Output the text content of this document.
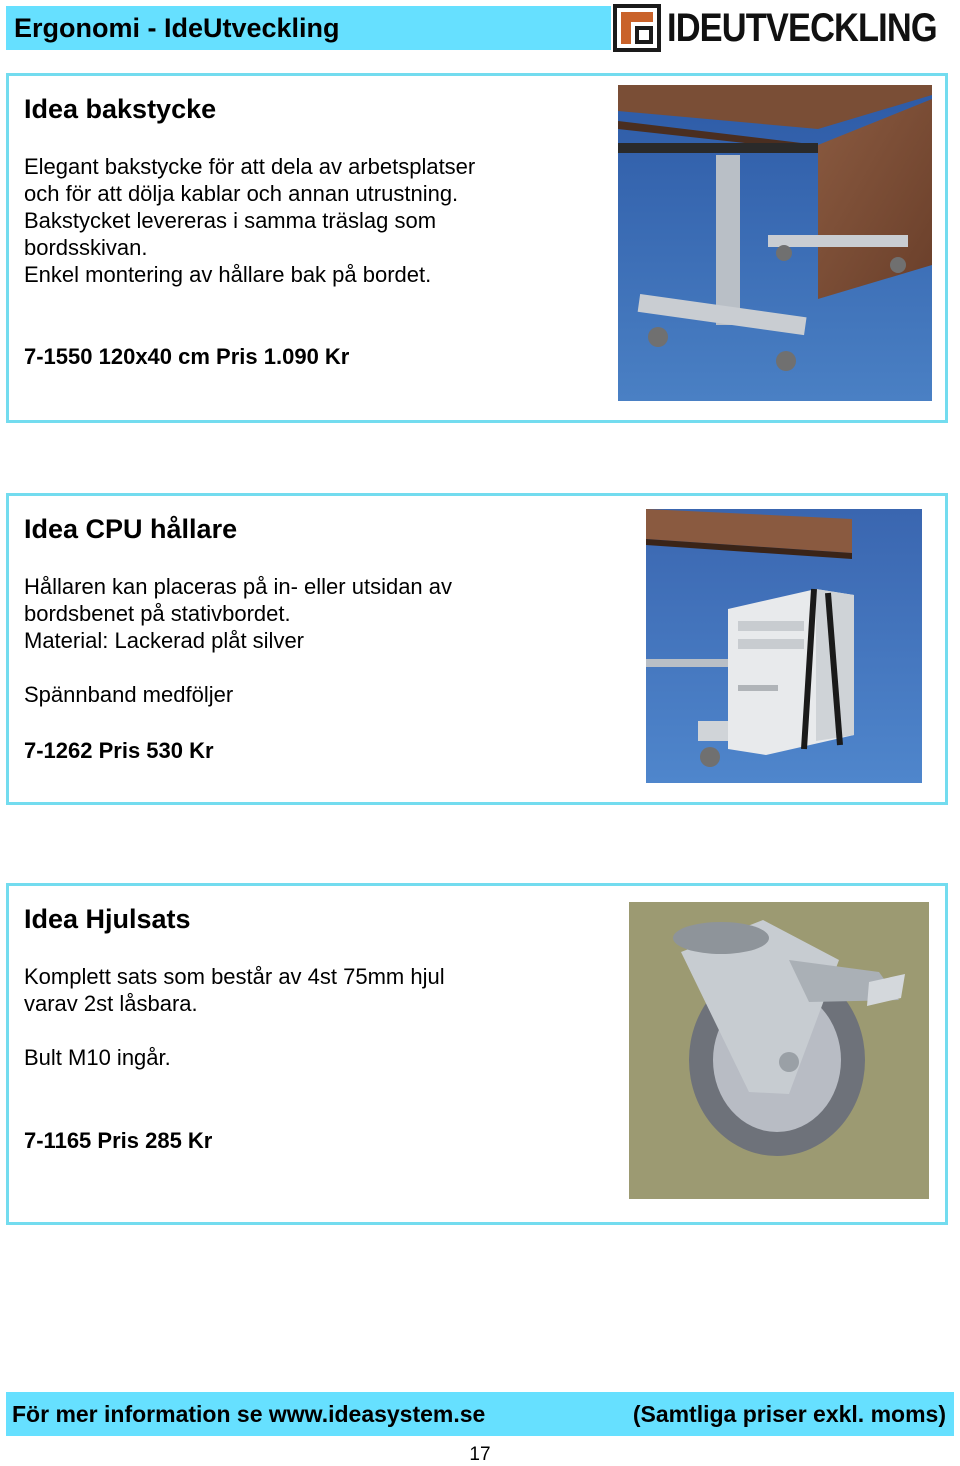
Ergonomi - IdeUtveckling	IDEUTVECKLING
Idea bakstycke

Elegant bakstycke för att dela av arbetsplatser

och för att dölja kablar och annan utrustning.

Bakstycket levereras i samma träslag som

bordsskivan.

Enkel montering av hållare bak på bordet.

7-1550 120x40 cm Pris 1.090 Kr
Idea CPU hållare

Hållaren kan placeras på in- eller utsidan av

bordsbenet på stativbordet.

Material: Lackerad plåt silver

Spännband medföljer

7-1262 Pris 530 Kr
Idea Hjulsats

Komplett sats som består av 4st 75mm hjul

varav 2st låsbara.

Bult M10 ingår.

7-1165 Pris 285 Kr
För mer information se www.ideasystem.se	(Samtliga priser exkl. moms)
17
